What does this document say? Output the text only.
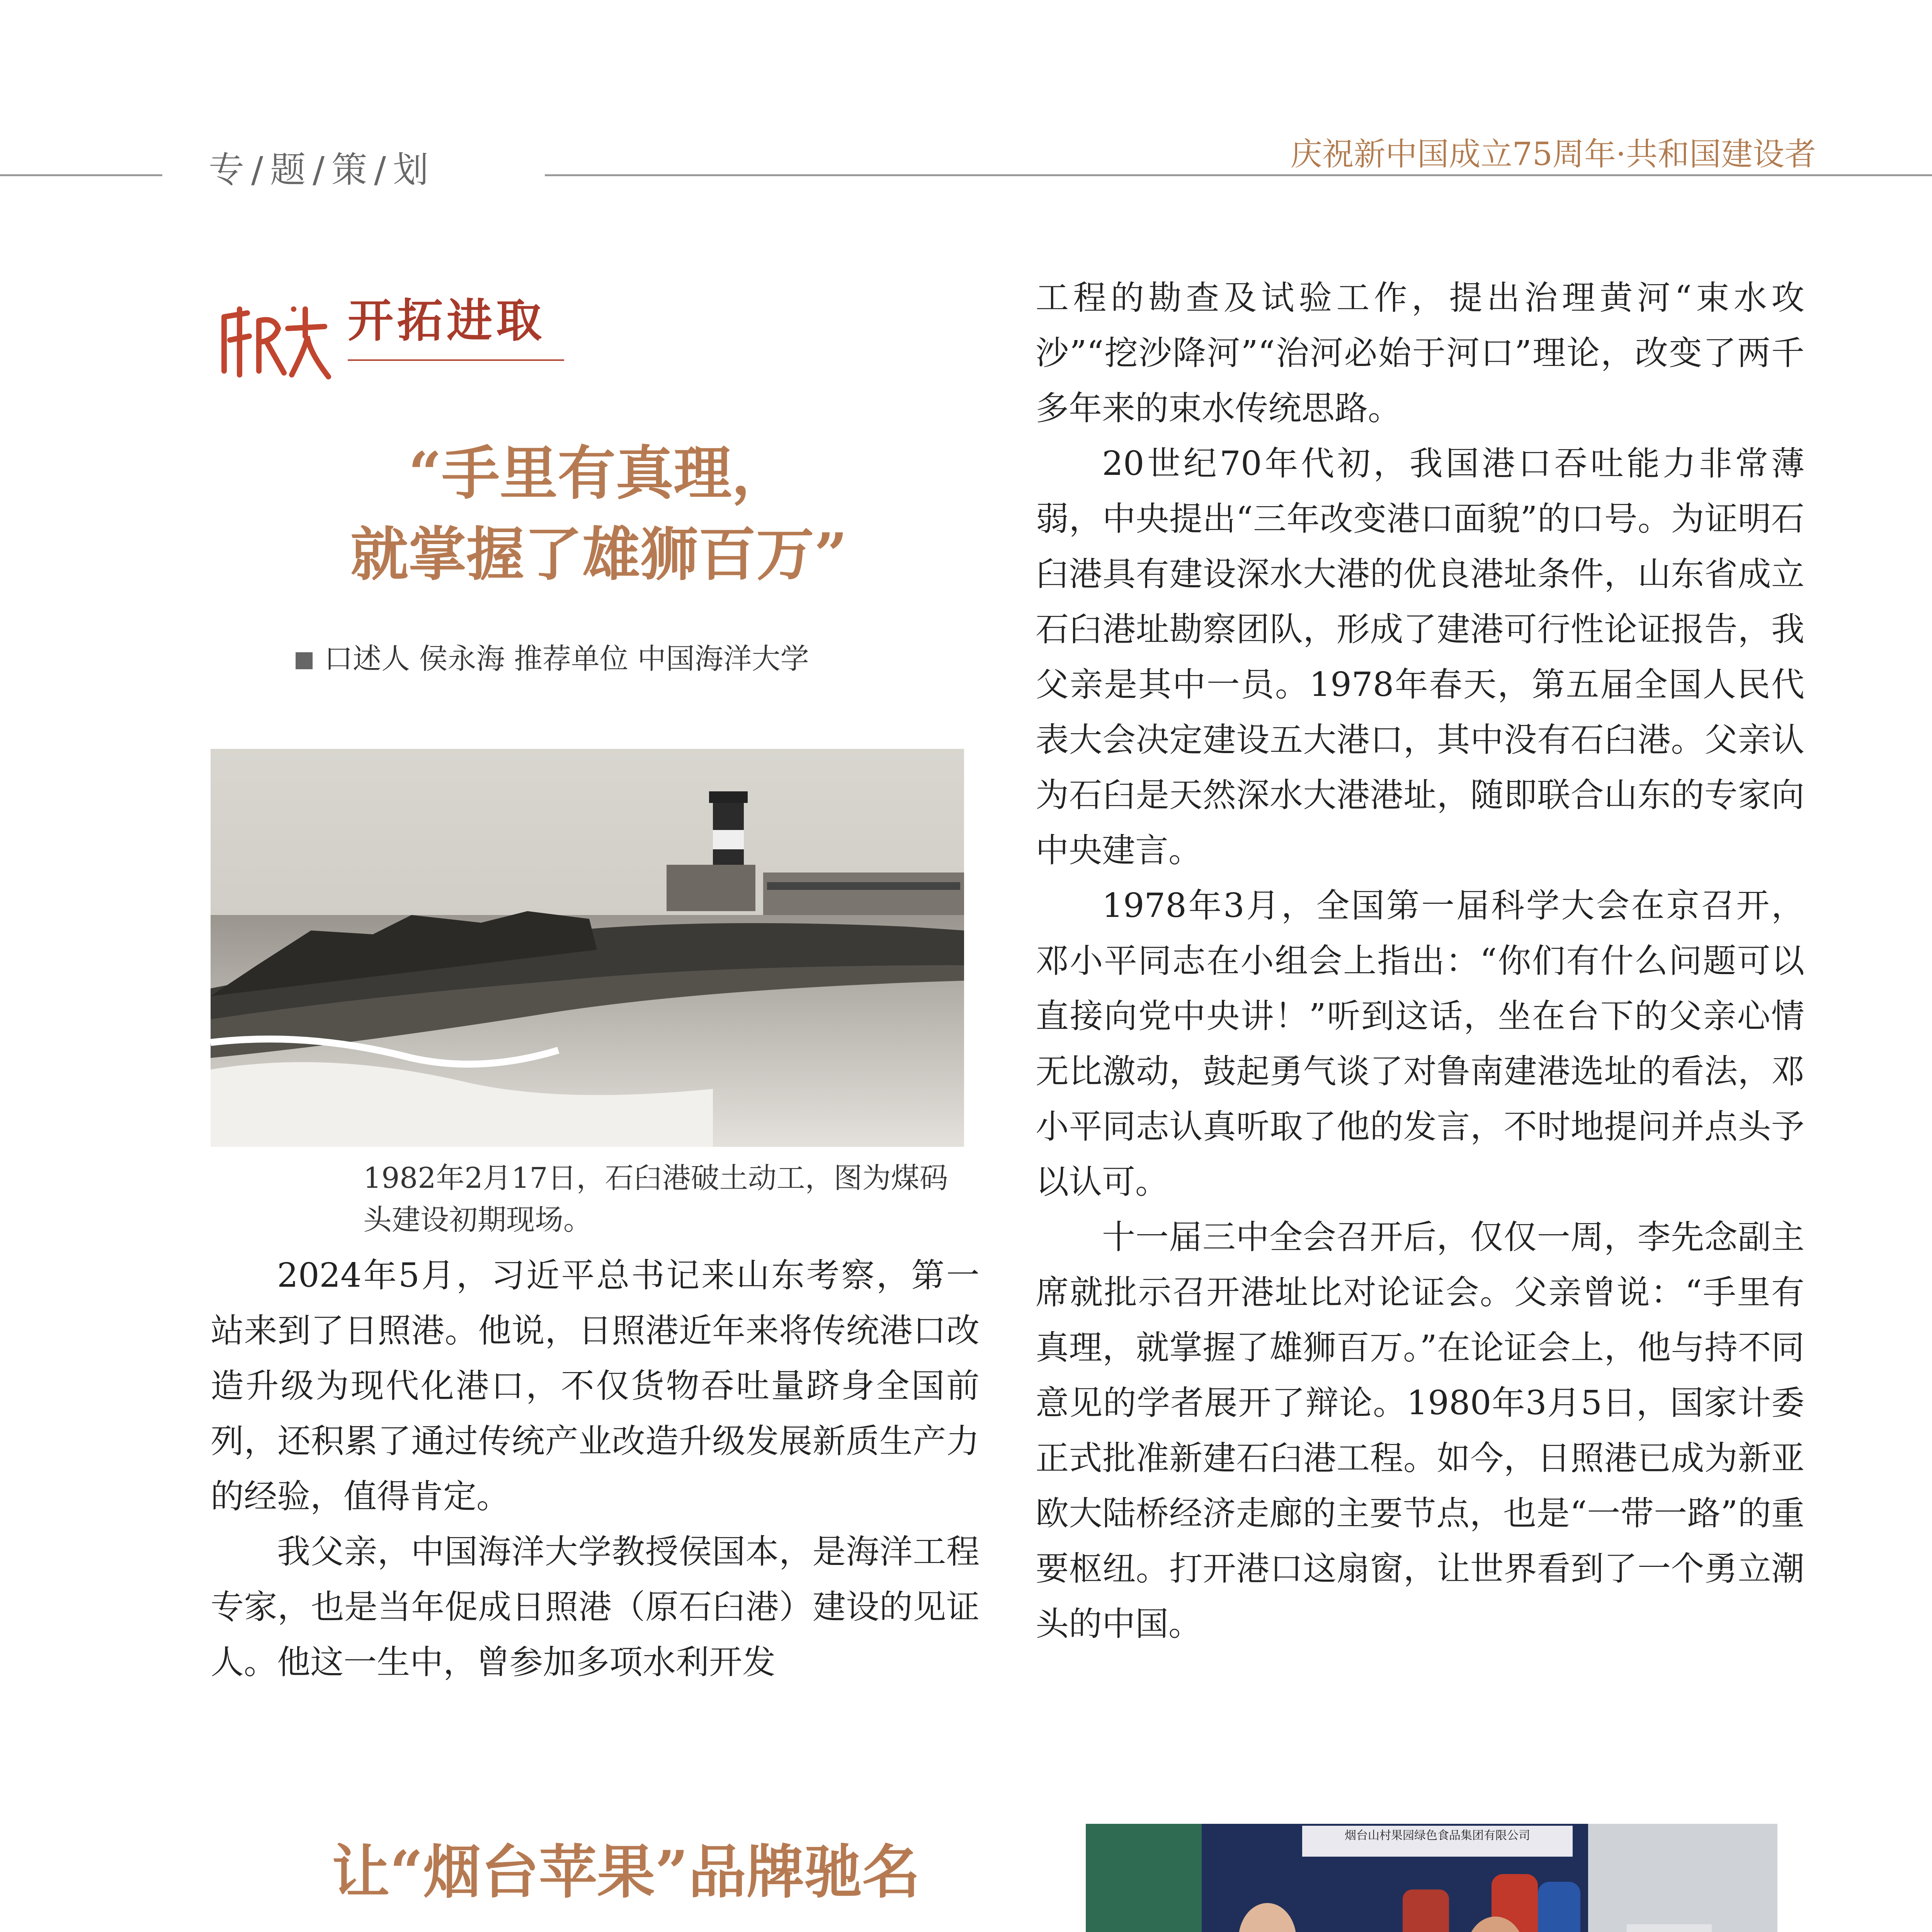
专/题/策/划	庆祝新中国成立75周年·共和国建设者
开拓进取
“手里有真理，
就掌握了雄狮百万”
口述人 侯永海 推荐单位 中国海洋大学
1982年2月17日，石臼港破土动工，图为煤码头建设初期现场。

2024年5月，习近平总书记来山东考察，第一站来到了日照港。他说，日照港近年来将传统港口改造升级为现代化港口，不仅货物吞吐量跻身全国前列，还积累了通过传统产业改造升级发展新质生产力的经验，值得肯定。

我父亲，中国海洋大学教授侯国本，是海洋工程专家，也是当年促成日照港（原石臼港）建设的见证人。他这一生中，曾参加多项水利开发

工程的勘查及试验工作，提出治理黄河“束水攻沙”“挖沙降河”“治河必始于河口”理论，改变了两千多年来的束水传统思路。

20世纪70年代初，我国港口吞吐能力非常薄弱，中央提出“三年改变港口面貌”的口号。为证明石臼港具有建设深水大港的优良港址条件，山东省成立石臼港址勘察团队，形成了建港可行性论证报告，我父亲是其中一员。1978年春天，第五届全国人民代表大会决定建设五大港口，其中没有石臼港。父亲认为石臼是天然深水大港港址，随即联合山东的专家向中央建言。

1978年3月，全国第一届科学大会在京召开，邓小平同志在小组会上指出：“你们有什么问题可以直接向党中央讲！”听到这话，坐在台下的父亲心情无比激动，鼓起勇气谈了对鲁南建港选址的看法，邓小平同志认真听取了他的发言，不时地提问并点头予以认可。

十一届三中全会召开后，仅仅一周，李先念副主席就批示召开港址比对论证会。父亲曾说：“手里有真理，就掌握了雄狮百万。”在论证会上，他与持不同意见的学者展开了辩论。1980年3月5日，国家计委正式批准新建石臼港工程。如今，日照港已成为新亚欧大陆桥经济走廊的主要节点，也是“一带一路”的重要枢纽。打开港口这扇窗，让世界看到了一个勇立潮头的中国。

让“烟台苹果”品牌驰名
烟台山村果园绿色食品集团有限公司
